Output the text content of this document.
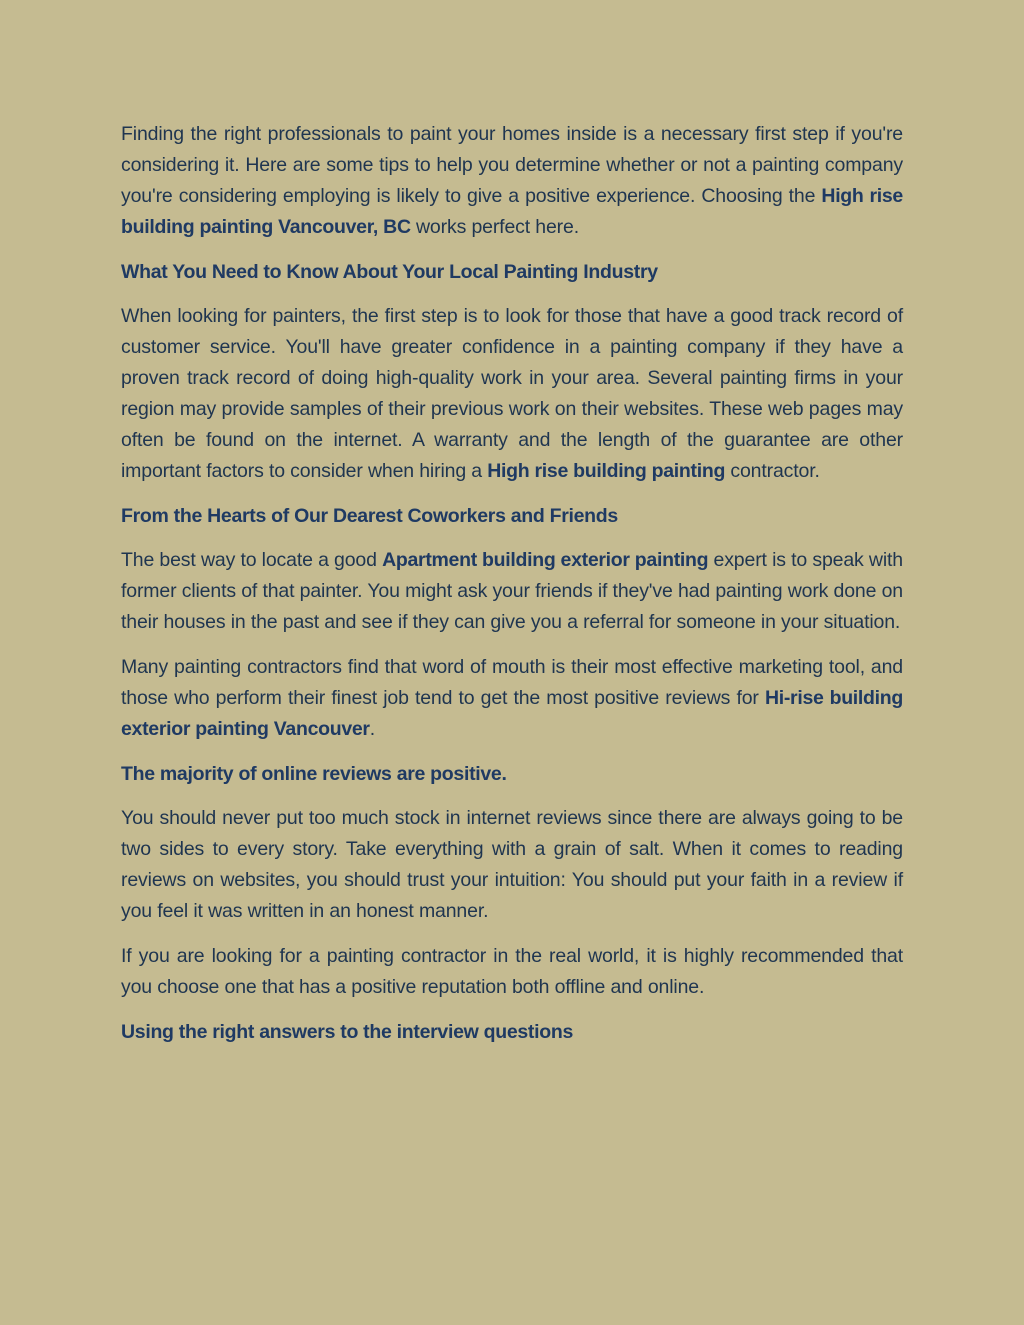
Finding the right professionals to paint your homes inside is a necessary first step if you're considering it. Here are some tips to help you determine whether or not a painting company you're considering employing is likely to give a positive experience. Choosing the High rise building painting Vancouver, BC works perfect here.

What You Need to Know About Your Local Painting Industry

When looking for painters, the first step is to look for those that have a good track record of customer service. You'll have greater confidence in a painting company if they have a proven track record of doing high-quality work in your area. Several painting firms in your region may provide samples of their previous work on their websites. These web pages may often be found on the internet. A warranty and the length of the guarantee are other important factors to consider when hiring a High rise building painting contractor.

From the Hearts of Our Dearest Coworkers and Friends

The best way to locate a good Apartment building exterior painting expert is to speak with former clients of that painter. You might ask your friends if they've had painting work done on their houses in the past and see if they can give you a referral for someone in your situation.

Many painting contractors find that word of mouth is their most effective marketing tool, and those who perform their finest job tend to get the most positive reviews for Hi-rise building exterior painting Vancouver.

The majority of online reviews are positive.

You should never put too much stock in internet reviews since there are always going to be two sides to every story. Take everything with a grain of salt. When it comes to reading reviews on websites, you should trust your intuition: You should put your faith in a review if you feel it was written in an honest manner.

If you are looking for a painting contractor in the real world, it is highly recommended that you choose one that has a positive reputation both offline and online.

Using the right answers to the interview questions
